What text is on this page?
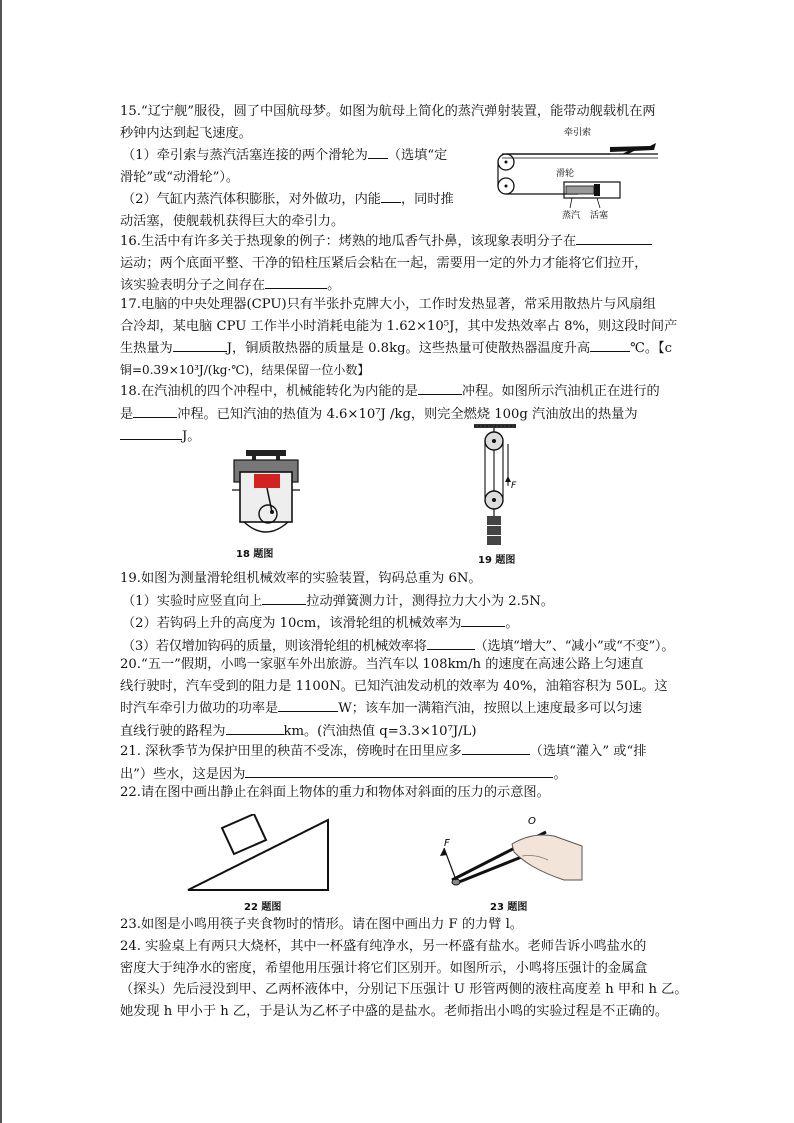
15.“辽宁舰”服役，圆了中国航母梦。如图为航母上简化的蒸汽弹射装置，能带动舰载机在两
秒钟内达到起飞速度。
（1）牵引索与蒸汽活塞连接的两个滑轮为 （选填“定
滑轮”或“动滑轮”）。
（2）气缸内蒸汽体积膨胀，对外做功，内能 ，同时推
动活塞，使舰载机获得巨大的牵引力。
牵引索
滑轮
蒸汽 活塞
16.生活中有许多关于热现象的例子：烤熟的地瓜香气扑鼻，该现象表明分子在
运动；两个底面平整、干净的铅柱压紧后会粘在一起，需要用一定的外力才能将它们拉开，
该实验表明分子之间存在	。
17.电脑的中央处理器(CPU)只有半张扑克牌大小，工作时发热显著，常采用散热片与风扇组
合冷却，某电脑 CPU 工作半小时消耗电能为 1.62×10⁵J，其中发热效率占 8%，则这段时间产
生热量为	J，铜质散热器的质量是 0.8kg。这些热量可使散热器温度升高	℃。【c
铜=0.39×10³J/(kg·℃)，结果保留一位小数】
18.在汽油机的四个冲程中，机械能转化为内能的是	冲程。如图所示汽油机正在进行的
是	冲程。已知汽油的热值为 4.6×10⁷J /kg，则完全燃烧 100g 汽油放出的热量为
J。
18 题图
F
19 题图
19.如图为测量滑轮组机械效率的实验装置，钩码总重为 6N。
（1）实验时应竖直向上	拉动弹簧测力计，测得拉力大小为 2.5N。
（2）若钩码上升的高度为 10cm，该滑轮组的机械效率为	。
（3）若仅增加钩码的质量，则该滑轮组的机械效率将	（选填“增大”、“减小”或“不变”）。
20.“五一”假期，小鸣一家驱车外出旅游。当汽车以 108km/h 的速度在高速公路上匀速直
线行驶时，汽车受到的阻力是 1100N。已知汽油发动机的效率为 40%，油箱容积为 50L。这
时汽车牵引力做功的功率是	W；该车加一满箱汽油，按照以上速度最多可以匀速
直线行驶的路程为	km。(汽油热值 q=3.3×10⁷J/L)
21. 深秋季节为保护田里的秧苗不受冻，傍晚时在田里应多	（选填“灌入” 或“排
出”）些水，这是因为	。
22.请在图中画出静止在斜面上物体的重力和物体对斜面的压力的示意图。
22 题图
O
F
23 题图
23.如图是小鸣用筷子夹食物时的情形。请在图中画出力 F 的力臂 l。
24. 实验桌上有两只大烧杯，其中一杯盛有纯净水，另一杯盛有盐水。老师告诉小鸣盐水的
密度大于纯净水的密度，希望他用压强计将它们区别开。如图所示，小鸣将压强计的金属盒
（探头）先后浸没到甲、乙两杯液体中，分别记下压强计 U 形管两侧的液柱高度差 h 甲和 h 乙。
她发现 h 甲小于 h 乙，于是认为乙杯子中盛的是盐水。老师指出小鸣的实验过程是不正确的。
